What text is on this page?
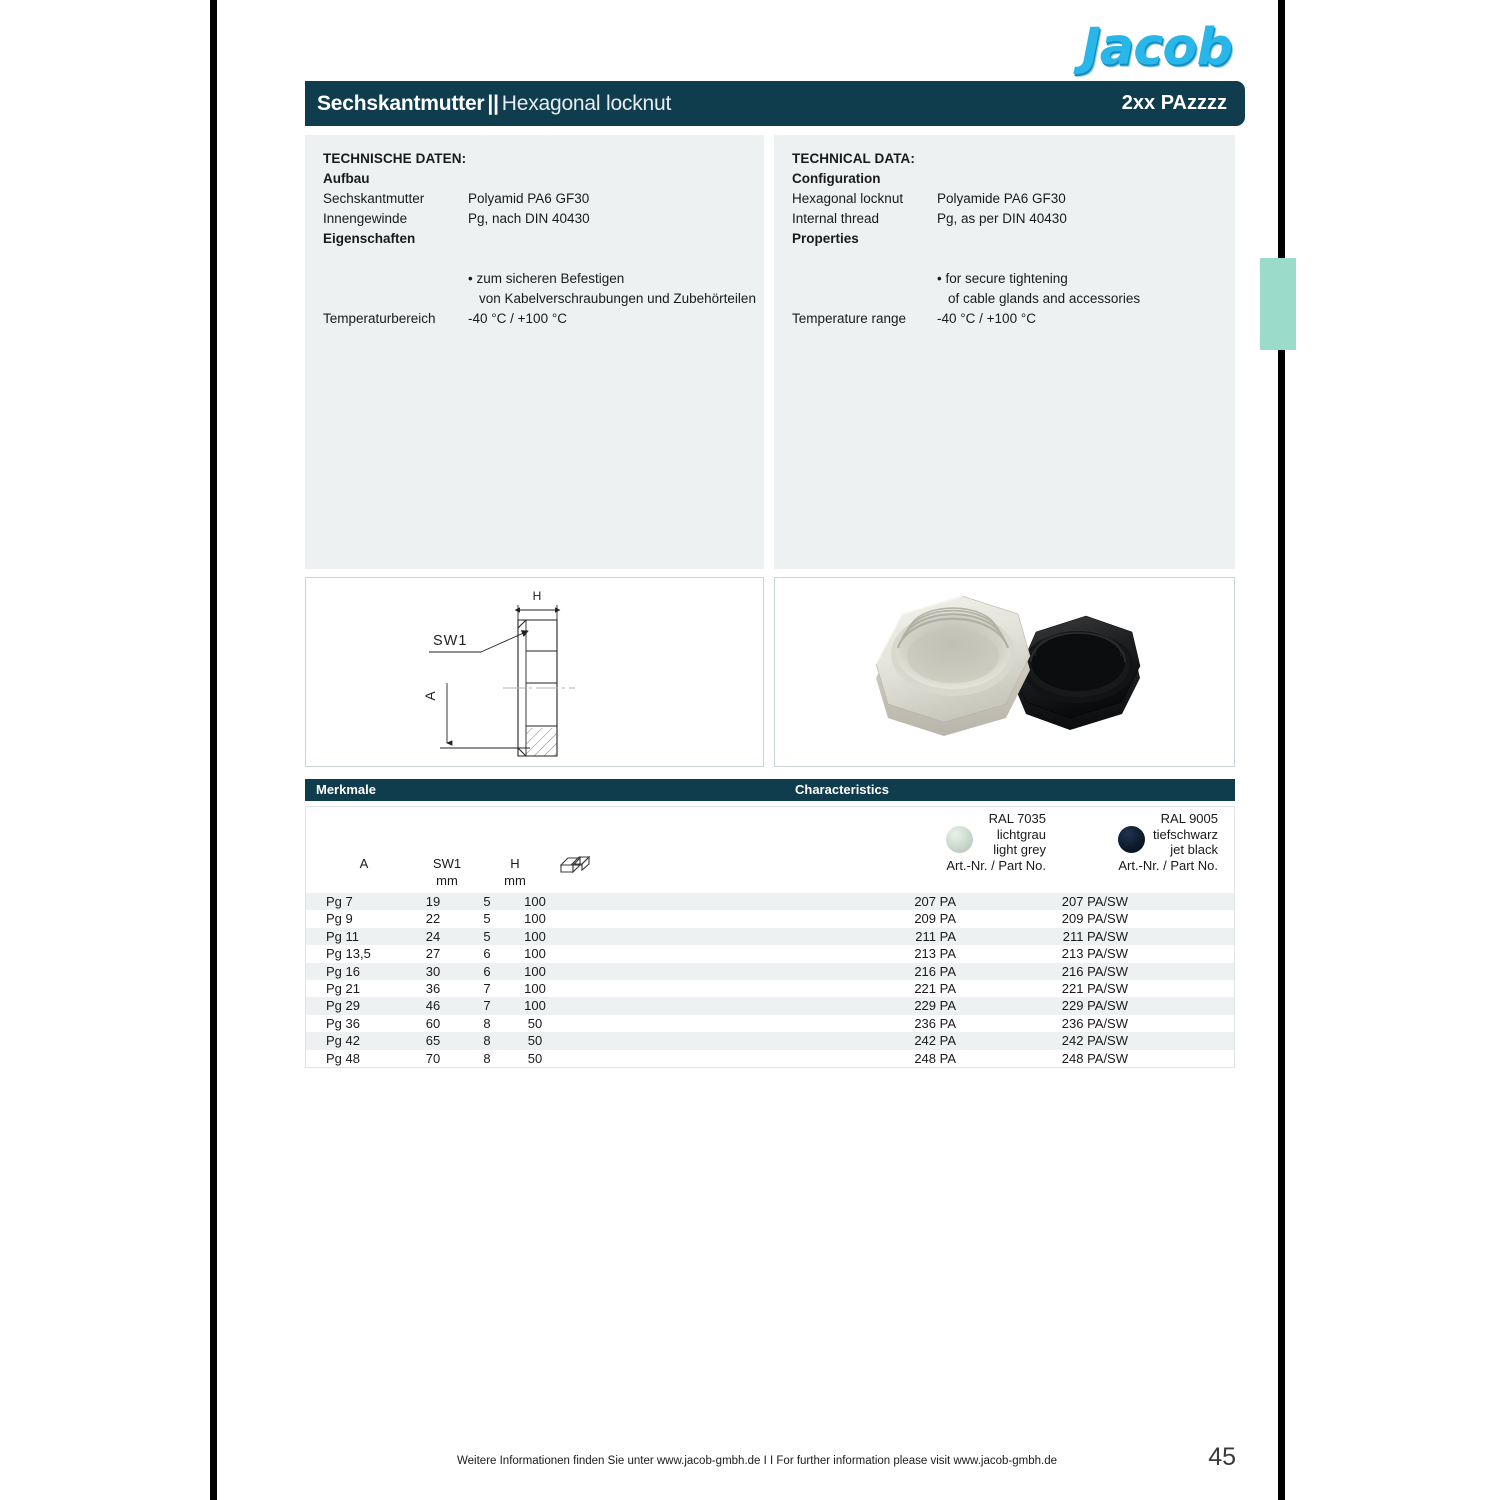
Jacob
Sechskantmutter || Hexagonal locknut	2xx PAzzzz
TECHNISCHE DATEN:
Aufbau
Sechskantmutter	Polyamid PA6 GF30
Innengewinde	Pg, nach DIN 40430
Eigenschaften
• zum sicheren Befestigen
von Kabelverschraubungen und Zubehörteilen
Temperaturbereich	-40 °C / +100 °C
TECHNICAL DATA:
Configuration
Hexagonal locknut	Polyamide PA6 GF30
Internal thread	Pg, as per DIN 40430
Properties
• for secure tightening
of cable glands and accessories
Temperature range	-40 °C / +100 °C
H
SW1
A
Merkmale	Characteristics
RAL 7035
lichtgrau
light grey
Art.-Nr. / Part No.
RAL 9005
tiefschwarz
jet black
Art.-Nr. / Part No.
A	SW1
mm
H
mm
Pg 7	19	5	100	207 PA	207 PA/SW
Pg 9	22	5	100	209 PA	209 PA/SW
Pg 11	24	5	100	211 PA	211 PA/SW
Pg 13,5	27	6	100	213 PA	213 PA/SW
Pg 16	30	6	100	216 PA	216 PA/SW
Pg 21	36	7	100	221 PA	221 PA/SW
Pg 29	46	7	100	229 PA	229 PA/SW
Pg 36	60	8	50	236 PA	236 PA/SW
Pg 42	65	8	50	242 PA	242 PA/SW
Pg 48	70	8	50	248 PA	248 PA/SW
Weitere Informationen finden Sie unter www.jacob-gmbh.de I I For further information please visit www.jacob-gmbh.de	45
